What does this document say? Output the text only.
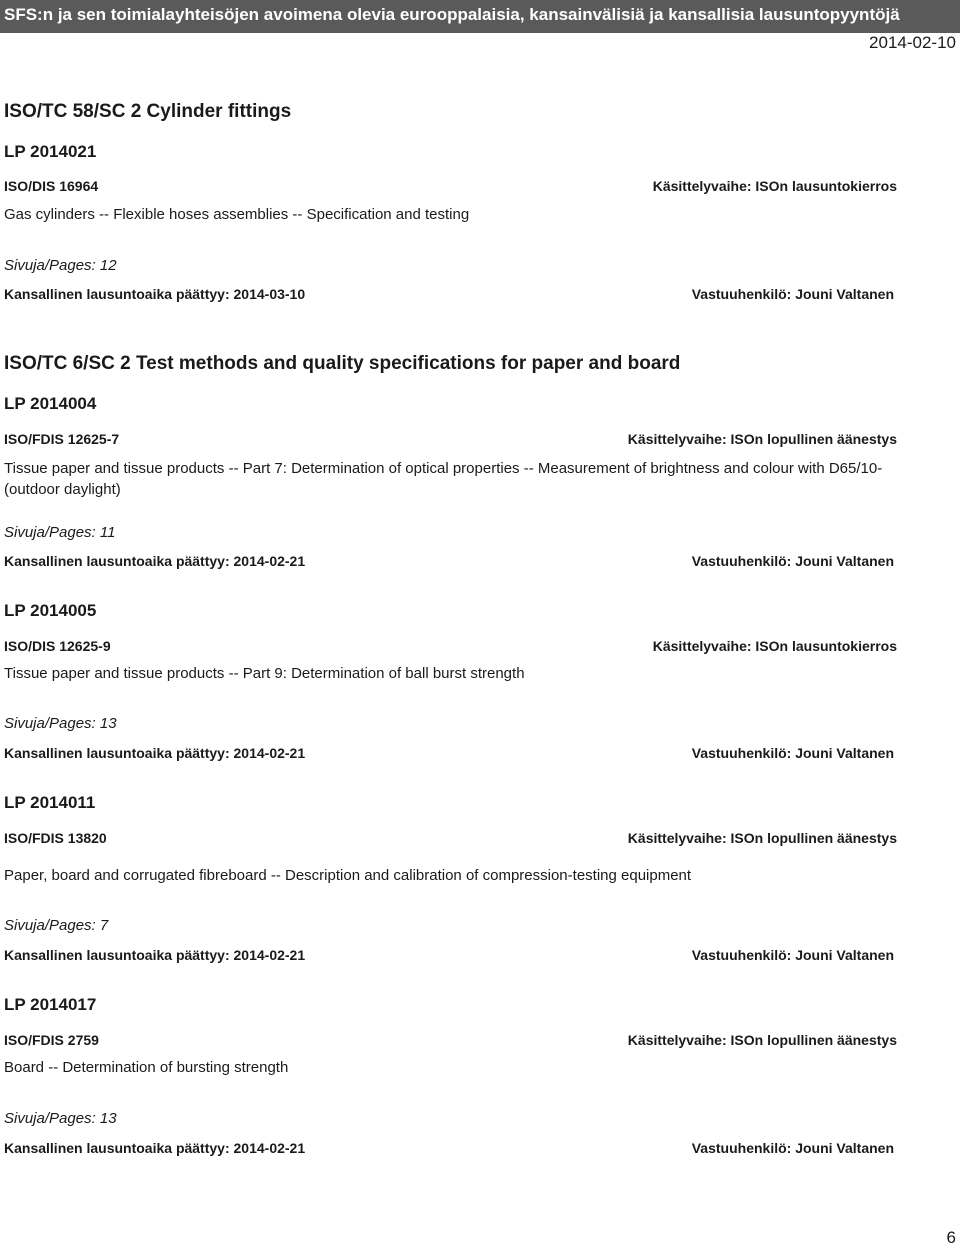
SFS:n ja sen toimialayhteisöjen avoimena olevia eurooppalaisia, kansainvälisiä ja kansallisia lausuntopyyntöjä
2014-02-10
ISO/TC 58/SC 2 Cylinder fittings
LP 2014021
ISO/DIS 16964	Käsittelyvaihe: ISOn lausuntokierros
Gas cylinders -- Flexible hoses assemblies -- Specification and testing
Sivuja/Pages: 12
Kansallinen lausuntoaika päättyy: 2014-03-10	Vastuuhenkilö: Jouni Valtanen
ISO/TC 6/SC 2 Test methods and quality specifications for paper and board
LP 2014004
ISO/FDIS 12625-7	Käsittelyvaihe: ISOn lopullinen äänestys
Tissue paper and tissue products -- Part 7: Determination of optical properties -- Measurement of brightness and colour with D65/10- (outdoor daylight)
Sivuja/Pages: 11
Kansallinen lausuntoaika päättyy: 2014-02-21	Vastuuhenkilö: Jouni Valtanen
LP 2014005
ISO/DIS 12625-9	Käsittelyvaihe: ISOn lausuntokierros
Tissue paper and tissue products -- Part 9: Determination of ball burst strength
Sivuja/Pages: 13
Kansallinen lausuntoaika päättyy: 2014-02-21	Vastuuhenkilö: Jouni Valtanen
LP 2014011
ISO/FDIS 13820	Käsittelyvaihe: ISOn lopullinen äänestys
Paper, board and corrugated fibreboard -- Description and calibration of compression-testing equipment
Sivuja/Pages: 7
Kansallinen lausuntoaika päättyy: 2014-02-21	Vastuuhenkilö: Jouni Valtanen
LP 2014017
ISO/FDIS 2759	Käsittelyvaihe: ISOn lopullinen äänestys
Board -- Determination of bursting strength
Sivuja/Pages: 13
Kansallinen lausuntoaika päättyy: 2014-02-21	Vastuuhenkilö: Jouni Valtanen
6
